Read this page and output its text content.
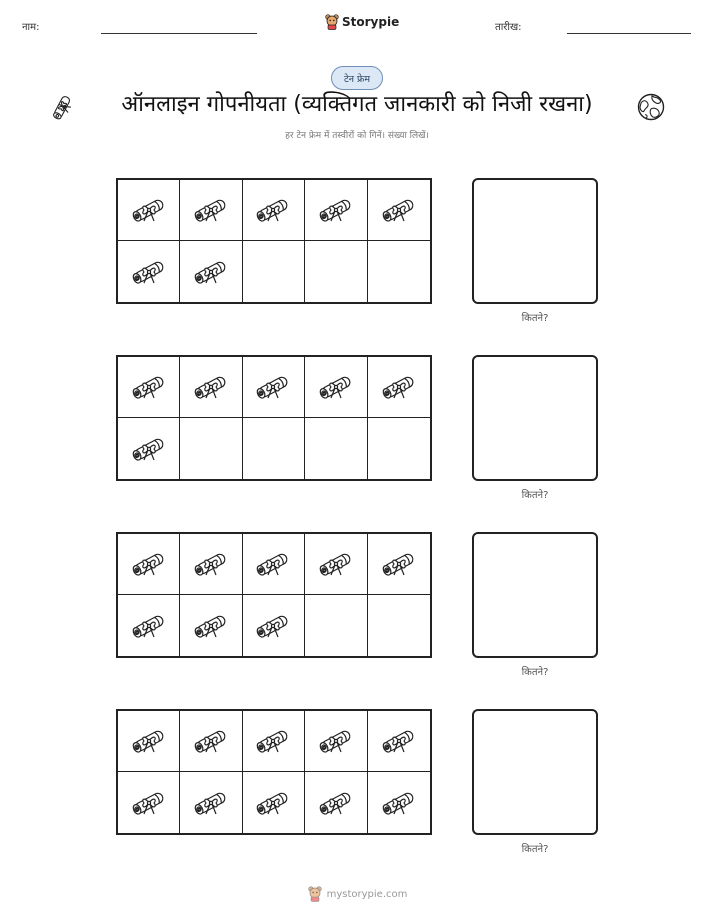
नाम:	Storypie	तारीख:
टेन फ्रेम
ऑनलाइन गोपनीयता (व्यक्तिगत जानकारी को निजी रखना)
हर टेन फ्रेम में तस्वीरों को गिनें। संख्या लिखें।
कितने?
कितने?
कितने?
कितने?
mystorypie.com
